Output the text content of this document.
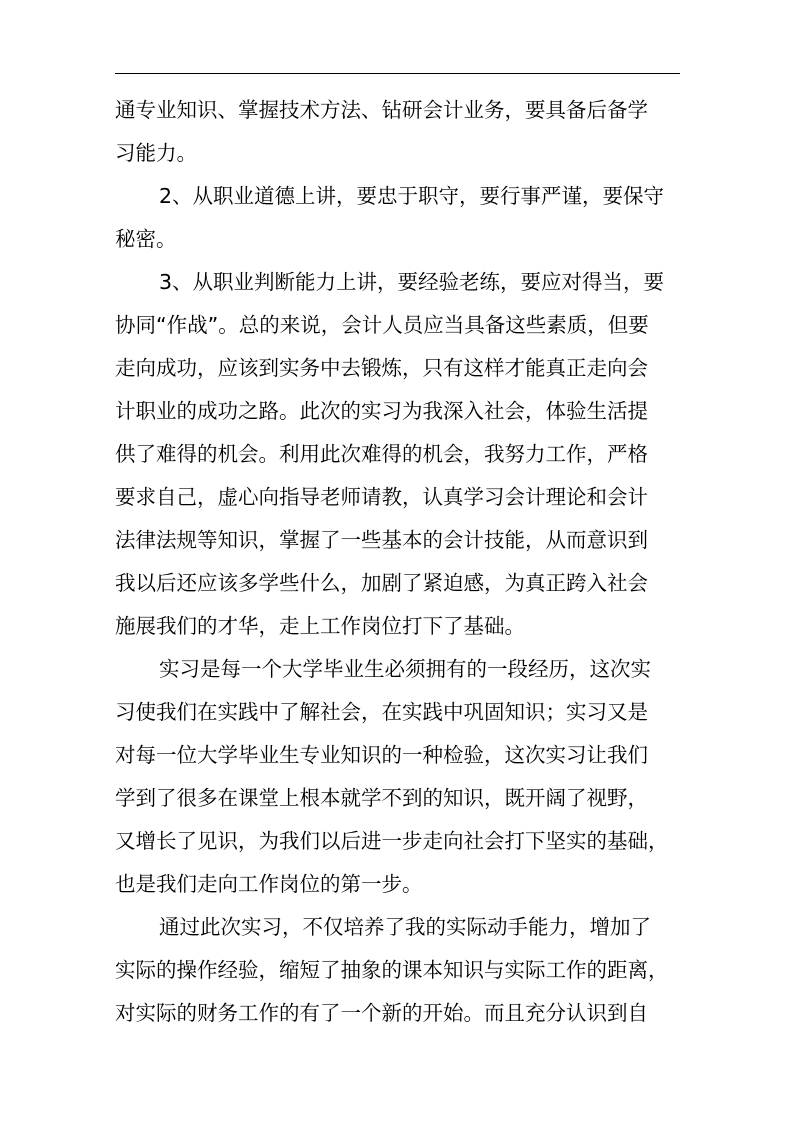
通专业知识、掌握技术方法、钻研会计业务，要具备后备学
习能力。
2、从职业道德上讲，要忠于职守，要行事严谨，要保守
秘密。
3、从职业判断能力上讲，要经验老练，要应对得当，要
协同“作战”。总的来说，会计人员应当具备这些素质，但要
走向成功，应该到实务中去锻炼，只有这样才能真正走向会
计职业的成功之路。此次的实习为我深入社会，体验生活提
供了难得的机会。利用此次难得的机会，我努力工作，严格
要求自己，虚心向指导老师请教，认真学习会计理论和会计
法律法规等知识，掌握了一些基本的会计技能，从而意识到
我以后还应该多学些什么，加剧了紧迫感，为真正跨入社会
施展我们的才华，走上工作岗位打下了基础。
实习是每一个大学毕业生必须拥有的一段经历，这次实
习使我们在实践中了解社会，在实践中巩固知识；实习又是
对每一位大学毕业生专业知识的一种检验，这次实习让我们
学到了很多在课堂上根本就学不到的知识，既开阔了视野，
又增长了见识，为我们以后进一步走向社会打下坚实的基础，
也是我们走向工作岗位的第一步。
通过此次实习，不仅培养了我的实际动手能力，增加了
实际的操作经验，缩短了抽象的课本知识与实际工作的距离，
对实际的财务工作的有了一个新的开始。而且充分认识到自
